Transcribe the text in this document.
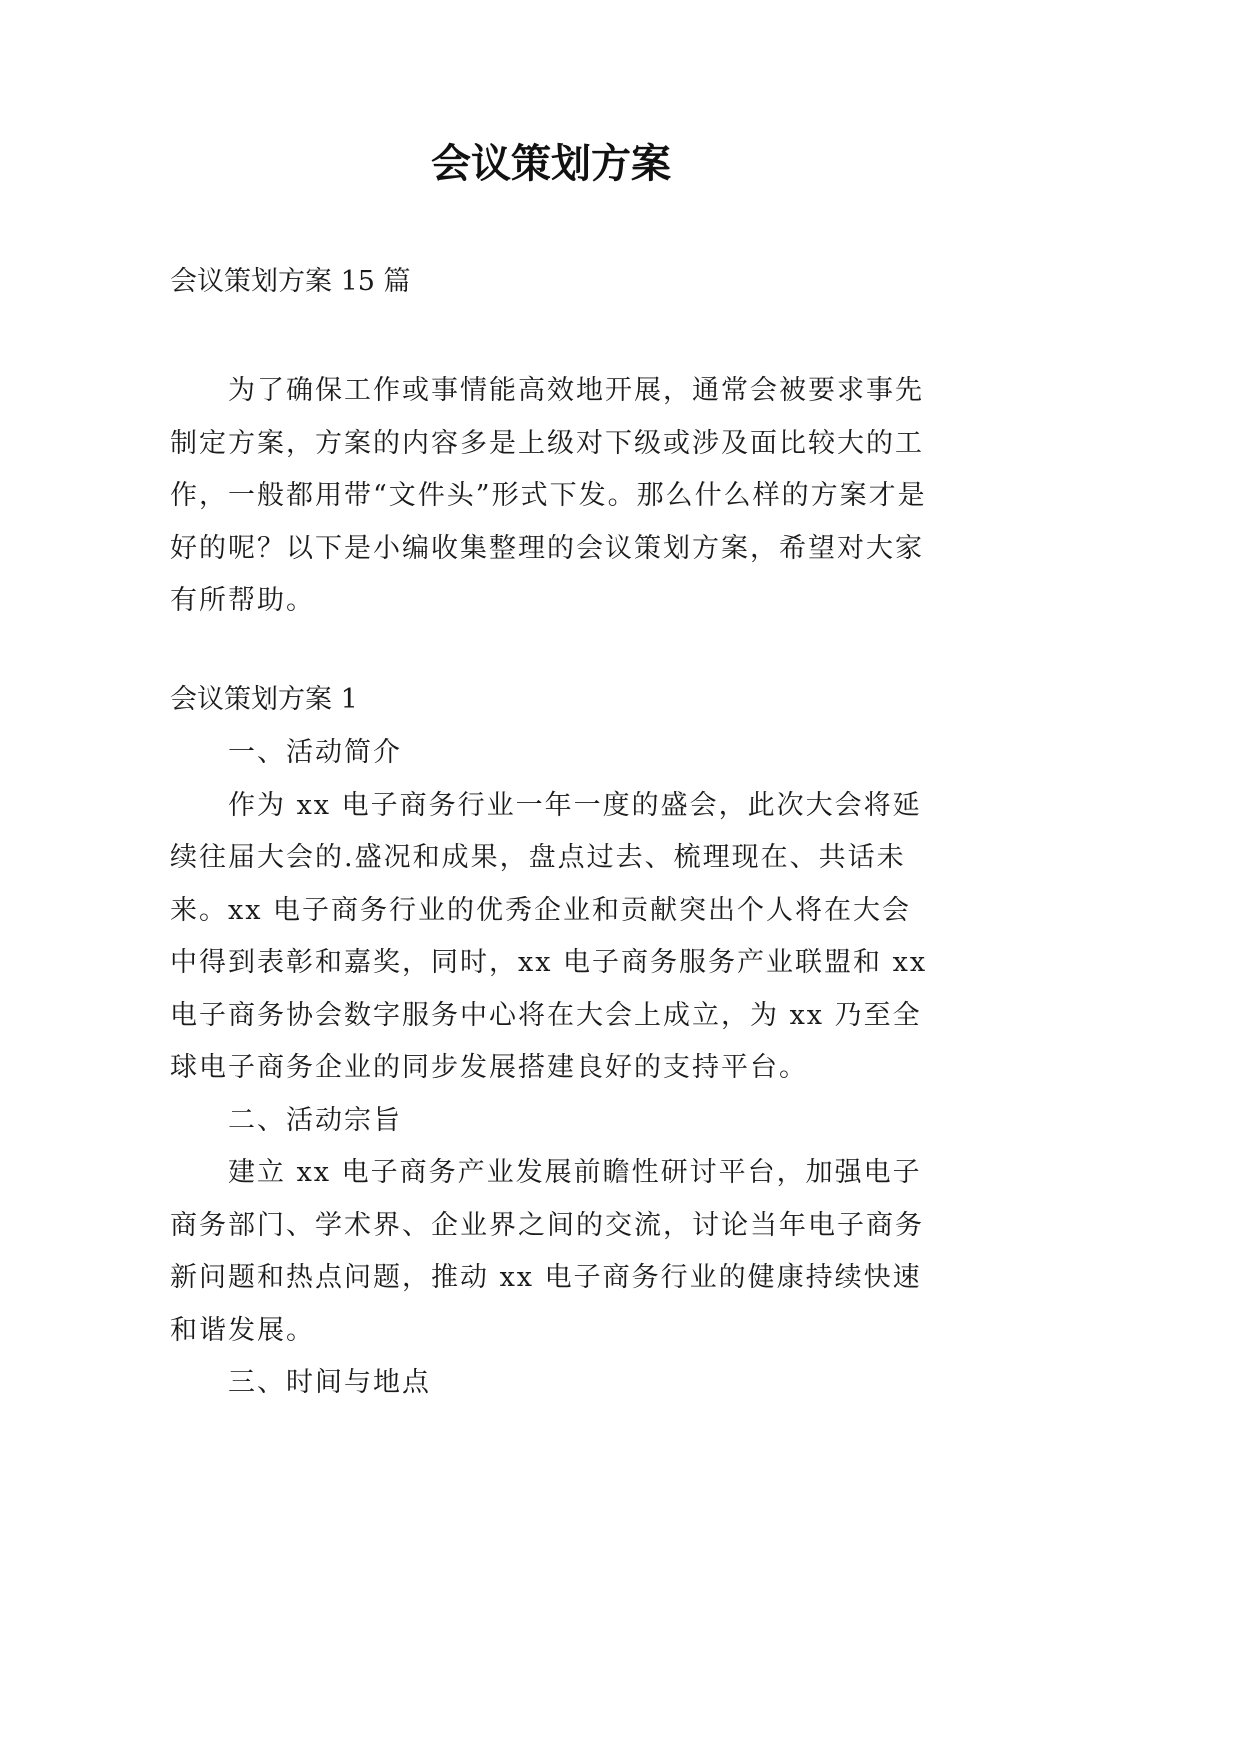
会议策划方案

会议策划方案 15 篇

为了确保工作或事情能高效地开展，通常会被要求事先制定方案，方案的内容多是上级对下级或涉及面比较大的工作，一般都用带“文件头”形式下发。那么什么样的方案才是好的呢？以下是小编收集整理的会议策划方案，希望对大家有所帮助。

会议策划方案 1

一、活动简介

作为 xx 电子商务行业一年一度的盛会，此次大会将延续往届大会的.盛况和成果，盘点过去、梳理现在、共话未来。xx 电子商务行业的优秀企业和贡献突出个人将在大会中得到表彰和嘉奖，同时，xx 电子商务服务产业联盟和 xx 电子商务协会数字服务中心将在大会上成立，为 xx 乃至全球电子商务企业的同步发展搭建良好的支持平台。

二、活动宗旨

建立 xx 电子商务产业发展前瞻性研讨平台，加强电子商务部门、学术界、企业界之间的交流，讨论当年电子商务新问题和热点问题，推动 xx 电子商务行业的健康持续快速和谐发展。

三、时间与地点
